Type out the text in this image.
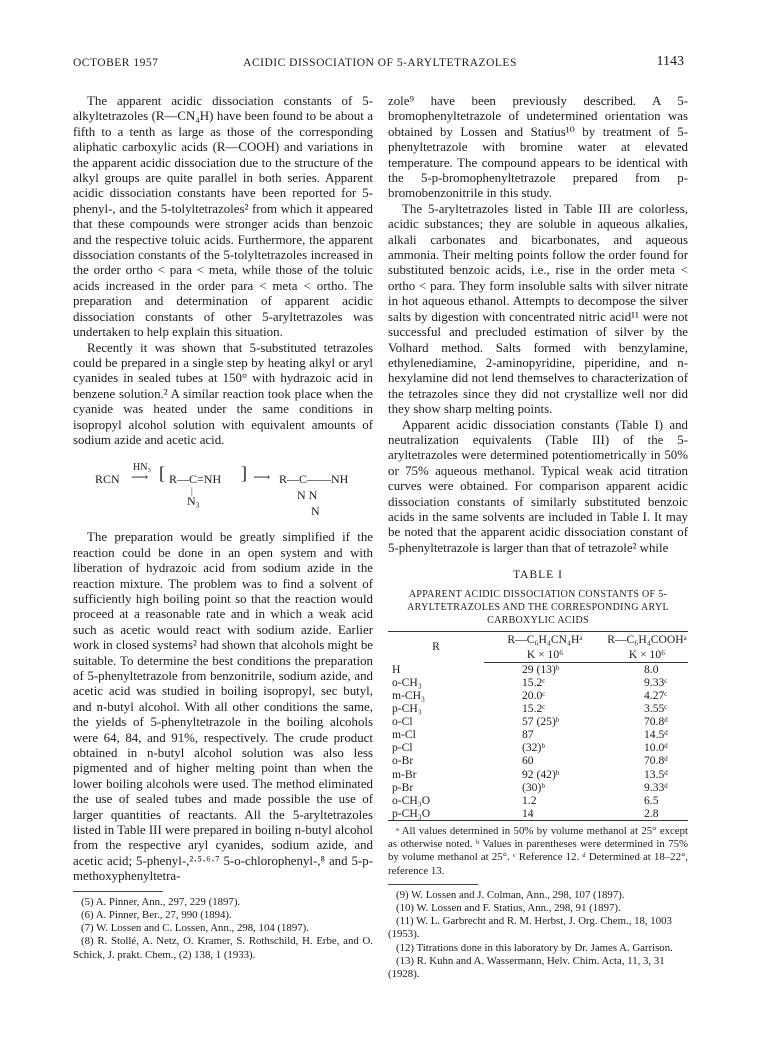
OCTOBER 1957	ACIDIC DISSOCIATION OF 5-ARYLTETRAZOLES	1143

The apparent acidic dissociation constants of 5-alkyltetrazoles (R—CN₄H) have been found to be about a fifth to a tenth as large as those of the corresponding aliphatic carboxylic acids (R—COOH) and variations in the apparent acidic dissociation due to the structure of the alkyl groups are quite parallel in both series. Apparent acidic dissociation constants have been reported for 5-phenyl-, and the 5-tolyltetrazoles² from which it appeared that these compounds were stronger acids than benzoic and the respective toluic acids. Furthermore, the apparent dissociation constants of the 5-tolyltetrazoles increased in the order ortho < para < meta, while those of the toluic acids increased in the order para < meta < ortho. The preparation and determination of apparent acidic dissociation constants of other 5-aryltetrazoles was undertaken to help explain this situation.

Recently it was shown that 5-substituted tetrazoles could be prepared in a single step by heating alkyl or aryl cyanides in sealed tubes at 150° with hydrazoic acid in benzene solution.² A similar reaction took place when the cyanide was heated under the same conditions in isopropyl alcohol solution with equivalent amounts of sodium azide and acetic acid.

RCN
HN₃
⟶ [ R—C=NH
|
N₃
] ⟶ R—C——NH
N N
N

The preparation would be greatly simplified if the reaction could be done in an open system and with liberation of hydrazoic acid from sodium azide in the reaction mixture. The problem was to find a solvent of sufficiently high boiling point so that the reaction would proceed at a reasonable rate and in which a weak acid such as acetic would react with sodium azide. Earlier work in closed systems² had shown that alcohols might be suitable. To determine the best conditions the preparation of 5-phenyltetrazole from benzonitrile, sodium azide, and acetic acid was studied in boiling isopropyl, sec butyl, and n-butyl alcohol. With all other conditions the same, the yields of 5-phenyltetrazole in the boiling alcohols were 64, 84, and 91%, respectively. The crude product obtained in n-butyl alcohol solution was also less pigmented and of higher melting point than when the lower boiling alcohols were used. The method eliminated the use of sealed tubes and made possible the use of larger quantities of reactants. All the 5-aryltetrazoles listed in Table III were prepared in boiling n-butyl alcohol from the respective aryl cyanides, sodium azide, and acetic acid; 5-phenyl-,²·⁵·⁶·⁷ 5-o-chlorophenyl-,⁸ and 5-p-methoxyphenyltetra-

(5) A. Pinner, Ann., 297, 229 (1897).
(6) A. Pinner, Ber., 27, 990 (1894).
(7) W. Lossen and C. Lossen, Ann., 298, 104 (1897).
(8) R. Stollé, A. Netz, O. Kramer, S. Rothschild, H. Erbe, and O. Schick, J. prakt. Chem., (2) 138, 1 (1933).

zole⁹ have been previously described. A 5-bromophenyltetrazole of undetermined orientation was obtained by Lossen and Statius¹⁰ by treatment of 5-phenyltetrazole with bromine water at elevated temperature. The compound appears to be identical with the 5-p-bromophenyltetrazole prepared from p-bromobenzonitrile in this study.

The 5-aryltetrazoles listed in Table III are colorless, acidic substances; they are soluble in aqueous alkalies, alkali carbonates and bicarbonates, and aqueous ammonia. Their melting points follow the order found for substituted benzoic acids, i.e., rise in the order meta < ortho < para. They form insoluble salts with silver nitrate in hot aqueous ethanol. Attempts to decompose the silver salts by digestion with concentrated nitric acid¹¹ were not successful and precluded estimation of silver by the Volhard method. Salts formed with benzylamine, ethylenediamine, 2-aminopyridine, piperidine, and n-hexylamine did not lend themselves to characterization of the tetrazoles since they did not crystallize well nor did they show sharp melting points.

Apparent acidic dissociation constants (Table I) and neutralization equivalents (Table III) of the 5-aryltetrazoles were determined potentiometrically in 50% or 75% aqueous methanol. Typical weak acid titration curves were obtained. For comparison apparent acidic dissociation constants of similarly substituted benzoic acids in the same solvents are included in Table I. It may be noted that the apparent acidic dissociation constant of 5-phenyltetrazole is larger than that of tetrazole² while

TABLE I
APPARENT ACIDIC DISSOCIATION CONSTANTS OF 5-ARYLTETRAZOLES AND THE CORRESPONDING ARYL CARBOXYLIC ACIDS
R	R—C₆H₄CN₄Hᵃ	R—C₆H₄COOHᵃ
	K × 10⁶	K × 10⁶
H	29 (13)ᵇ	8.0
o-CH₃	15.2ᶜ	9.33ᶜ
m-CH₃	20.0ᶜ	4.27ᶜ
p-CH₃	15.2ᶜ	3.55ᶜ
o-Cl	57 (25)ᵇ	70.8ᵈ
m-Cl	87	14.5ᵈ
p-Cl	(32)ᵇ	10.0ᵈ
o-Br	60	70.8ᵈ
m-Br	92 (42)ᵇ	13.5ᵈ
p-Br	(30)ᵇ	9.33ᵈ
o-CH₃O	1.2	6.5
p-CH₃O	14	2.8
ᵃ All values determined in 50% by volume methanol at 25° except as otherwise noted. ᵇ Values in parentheses were determined in 75% by volume methanol at 25°. ᶜ Reference 12. ᵈ Determined at 18–22°, reference 13.
(9) W. Lossen and J. Colman, Ann., 298, 107 (1897).
(10) W. Lossen and F. Statius, Ann., 298, 91 (1897).
(11) W. L. Garbrecht and R. M. Herbst, J. Org. Chem., 18, 1003 (1953).
(12) Titrations done in this laboratory by Dr. James A. Garrison.
(13) R. Kuhn and A. Wassermann, Helv. Chim. Acta, 11, 3, 31 (1928).
